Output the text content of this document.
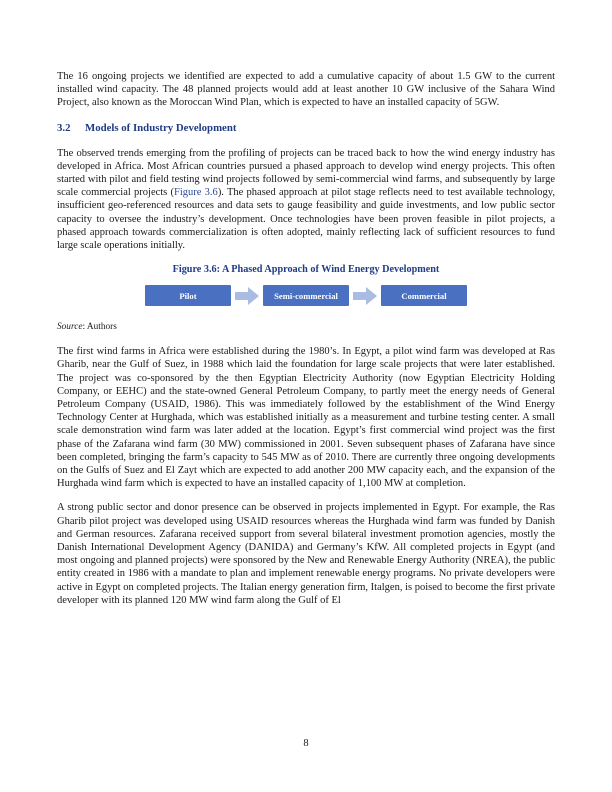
The 16 ongoing projects we identified are expected to add a cumulative capacity of about 1.5 GW to the current installed wind capacity. The 48 planned projects would add at least another 10 GW inclusive of the Sahara Wind Project, also known as the Moroccan Wind Plan, which is expected to have an installed capacity of 5GW.

3.2 Models of Industry Development

The observed trends emerging from the profiling of projects can be traced back to how the wind energy industry has developed in Africa. Most African countries pursued a phased approach to develop wind energy projects. This often started with pilot and field testing wind projects followed by semi-commercial wind farms, and subsequently by large scale commercial projects (Figure 3.6). The phased approach at pilot stage reflects need to test available technology, insufficient geo-referenced resources and data sets to gauge feasibility and guide investments, and low public sector capacity to oversee the industry’s development. Once technologies have been proven feasible in pilot projects, a phased approach towards commercialization is often adopted, mainly reflecting lack of sufficient resources to fund large scale operations initially.

Figure 3.6: A Phased Approach of Wind Energy Development
Pilot	Semi-commercial	Commercial
Source: Authors

The first wind farms in Africa were established during the 1980’s. In Egypt, a pilot wind farm was developed at Ras Gharib, near the Gulf of Suez, in 1988 which laid the foundation for large scale projects that were later established. The project was co-sponsored by the then Egyptian Electricity Authority (now Egyptian Electricity Holding Company, or EEHC) and the state-owned General Petroleum Company, to partly meet the energy needs of General Petroleum Company (USAID, 1986). This was immediately followed by the establishment of the Wind Energy Technology Center at Hurghada, which was established initially as a measurement and turbine testing center. A small scale demonstration wind farm was later added at the location. Egypt’s first commercial wind project was the first phase of the Zafarana wind farm (30 MW) commissioned in 2001. Seven subsequent phases of Zafarana have since been completed, bringing the farm’s capacity to 545 MW as of 2010. There are currently three ongoing developments on the Gulfs of Suez and El Zayt which are expected to add another 200 MW capacity each, and the expansion of the Hurghada wind farm which is expected to have an installed capacity of 1,100 MW at completion.

A strong public sector and donor presence can be observed in projects implemented in Egypt. For example, the Ras Gharib pilot project was developed using USAID resources whereas the Hurghada wind farm was funded by Danish and German resources. Zafarana received support from several bilateral investment promotion agencies, mostly the Danish International Development Agency (DANIDA) and Germany’s KfW. All completed projects in Egypt (and most ongoing and planned projects) were sponsored by the New and Renewable Energy Authority (NREA), the public entity created in 1986 with a mandate to plan and implement renewable energy programs. No private developers were active in Egypt on completed projects. The Italian energy generation firm, Italgen, is poised to become the first private developer with its planned 120 MW wind farm along the Gulf of El

8
